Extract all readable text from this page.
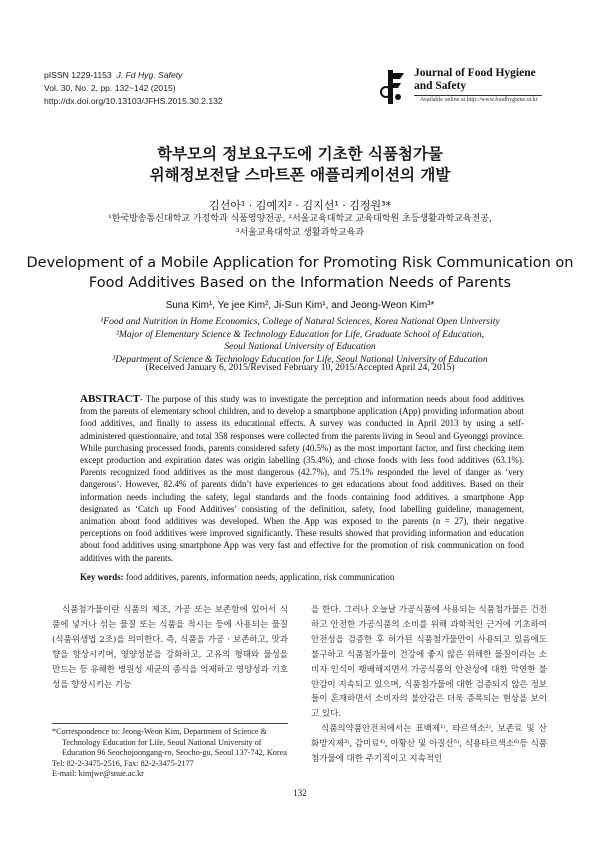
pISSN 1229-1153 J. Fd Hyg. Safety
Vol. 30, No. 2, pp. 132~142 (2015)
http://dx.doi.org/10.13103/JFHS.2015.30.2.132
Journal of Food Hygiene
and Safety
Available online at http://www.foodhygiene.or.kr
학부모의 정보요구도에 기초한 식품첨가물
위해정보전달 스마트폰 애플리케이션의 개발
김선아¹ · 김예지² · 김지선¹ · 김정원³*
¹한국방송통신대학교 가정학과 식품영양전공, ²서울교육대학교 교육대학원 초등생활과학교육전공,
³서울교육대학교 생활과학교육과
Development of a Mobile Application for Promoting Risk Communication on
Food Additives Based on the Information Needs of Parents
Suna Kim¹, Ye jee Kim², Ji-Sun Kim¹, and Jeong-Weon Kim³*
¹Food and Nutrition in Home Economics, College of Natural Sciences, Korea National Open University
²Major of Elementary Science & Technology Education for Life, Graduate School of Education,
Seoul National University of Education
³Department of Science & Technology Education for Life, Seoul National University of Education
(Received January 6, 2015/Revised February 10, 2015/Accepted April 24, 2015)
ABSTRACT- The purpose of this study was to investigate the perception and information needs about food additives from the parents of elementary school children, and to develop a smartphone application (App) providing information about food additives, and finally to assess its educational effects. A survey was conducted in April 2013 by using a self-administered questionnaire, and total 358 responses were collected from the parents living in Seoul and Gyeonggi province. While purchasing processed foods, parents considered safety (40.5%) as the most important factor, and first checking item except production and expiration dates was origin labelling (35.4%), and chose foods with less food additives (63.1%). Parents recognized food additives as the most dangerous (42.7%), and 75.1% responded the level of danger as ‘very dangerous’. However, 82.4% of parents didn’t have experiences to get educations about food additives. Based on their information needs including the safety, legal standards and the foods containing food additives. a smartphone App designated as ‘Catch up Food Additives’ consisting of the definition, safety, food labelling guideline, management, animation about food additives was developed. When the App was exposed to the parents (n = 27), their negative perceptions on food additives were improved significantly. These results showed that providing information and education about food additives using smartphone App was very fast and effective for the promotion of risk communication on food additives with the parents.
Key words: food additives, parents, information needs, application, risk communication

식품첨가물이란 식품의 제조, 가공 또는 보존함에 있어서 식품에 넣거나 섞는 물질 또는 식품을 적시는 등에 사용되는 물질(식품위생법 2조)을 의미한다. 즉, 식품을 가공 · 보존하고, 맛과 향을 향상시키며, 영양성분을 강화하고, 고유의 형태와 물성을 만드는 등 유해한 병원성 세균의 증식을 억제하고 영양성과 기호성을 향상시키는 기능

을 한다. 그러나 오늘날 가공식품에 사용되는 식품첨가물은 건전하고 안전한 가공식품의 소비를 위해 과학적인 근거에 기초하여 안전성을 검증한 후 허가된 식품첨가물만이 사용되고 있음에도 불구하고 식품첨가물이 건강에 좋지 않은 위해한 물질이라는 소비자 인식이 팽배해지면서 가공식품의 안전성에 대한 막연한 불안감이 지속되고 있으며, 식품첨가물에 대한 검증되지 않은 정보들이 혼재하면서 소비자의 불안감은 더욱 증폭되는 현상을 보이고 있다.

식품의약품안전처에서는 표백제¹⁾, 타르색소²⁾, 보존료 및 산화방지제³⁾, 감미료⁴⁾, 아황산 및 아질산⁵⁾, 식용타르색소⁶⁾등 식품첨가물에 대한 주기적이고 지속적인

*Correspondence to: Jeong-Weon Kim, Department of Science &
Technology Education for Life, Seoul National University of
Education 96 Seochojoongang-ro, Seocho-gu, Seoul 137-742, Korea
Tel: 82-2-3475-2516, Fax: 82-2-3475-2177
E-mail: kimjwe@snue.ac.kr
132
